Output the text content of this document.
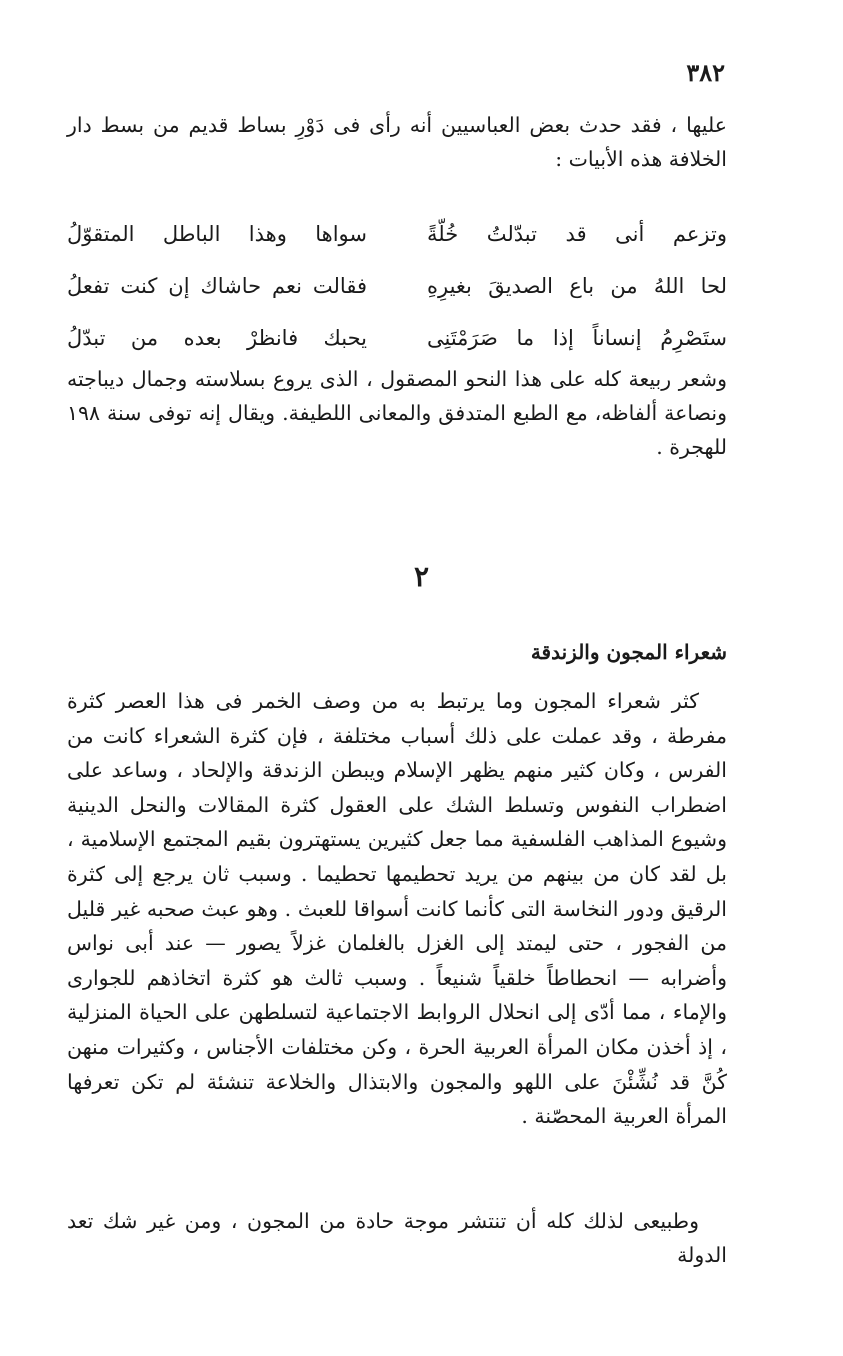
٣٨٢
عليها ، فقد حدث بعض العباسيين أنه رأى فى دَوْرِ بساط قديم من بسط دار الخلافة هذه الأبيات :
وتزعم أنى قد تبدّلتُ خُلّةً
سواها وهذا الباطل المتقوّلُ
لحا اللهُ من باع الصديقَ بغيرِهِ
فقالت نعم حاشاك إن كنت تفعلُ
ستَصْرِمُ إنساناً إذا ما صَرَمْتَنِى
يحبك فانظرْ بعده من تبدّلُ
وشعر ربيعة كله على هذا النحو المصقول ، الذى يروع بسلاسته وجمال ديباجته ونصاعة ألفاظه، مع الطبع المتدفق والمعانى اللطيفة. ويقال إنه توفى سنة ١٩٨ للهجرة .
٢
شعراء المجون والزندقة

كثر شعراء المجون وما يرتبط به من وصف الخمر فى هذا العصر كثرة مفرطة ، وقد عملت على ذلك أسباب مختلفة ، فإن كثرة الشعراء كانت من الفرس ، وكان كثير منهم يظهر الإسلام ويبطن الزندقة والإلحاد ، وساعد على اضطراب النفوس وتسلط الشك على العقول كثرة المقالات والنحل الدينية وشيوع المذاهب الفلسفية مما جعل كثيرين يستهترون بقيم المجتمع الإسلامية ، بل لقد كان من بينهم من يريد تحطيمها تحطيما . وسبب ثان يرجع إلى كثرة الرقيق ودور النخاسة التى كأنما كانت أسواقا للعبث . وهو عبث صحبه غير قليل من الفجور ، حتى ليمتد إلى الغزل بالغلمان غزلاً يصور — عند أبى نواس وأضرابه — انحطاطاً خلقياً شنيعاً . وسبب ثالث هو كثرة اتخاذهم للجوارى والإماء ، مما أدّى إلى انحلال الروابط الاجتماعية لتسلطهن على الحياة المنزلية ، إذ أخذن مكان المرأة العربية الحرة ، وكن مختلفات الأجناس ، وكثيرات منهن كُنَّ قد نُشِّئْنَ على اللهو والمجون والابتذال والخلاعة تنشئة لم تكن تعرفها المرأة العربية المحصّنة .

وطبيعى لذلك كله أن تنتشر موجة حادة من المجون ، ومن غير شك تعد الدولة
